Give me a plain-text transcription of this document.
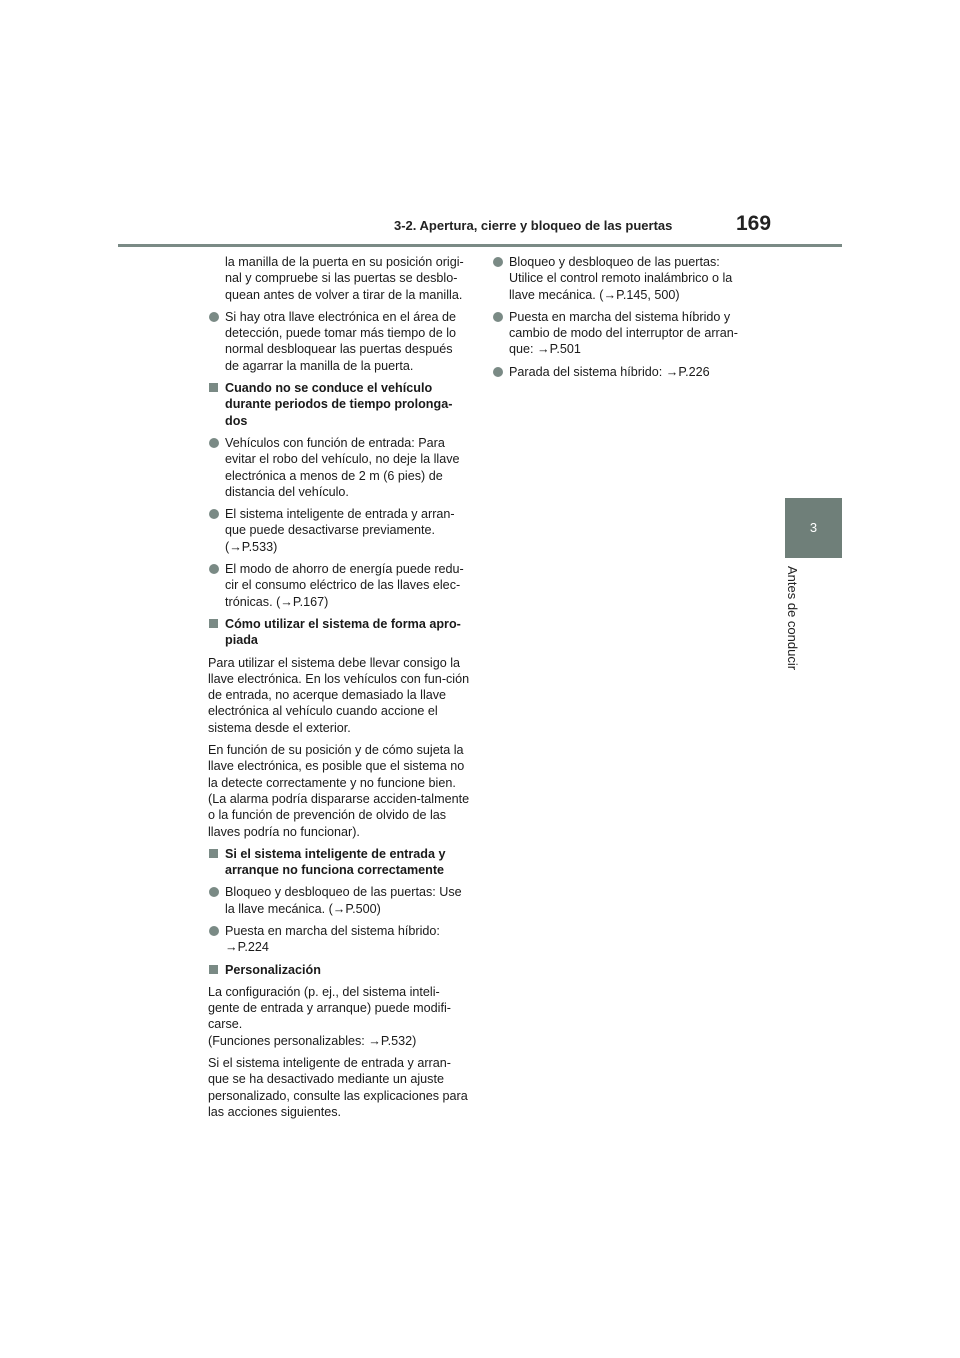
3-2. Apertura, cierre y bloqueo de las puertas	169
3
Antes de conducir

la manilla de la puerta en su posición origi-nal y compruebe si las puertas se desblo-quean antes de volver a tirar de la manilla.

Si hay otra llave electrónica en el área de detección, puede tomar más tiempo de lo normal desbloquear las puertas después de agarrar la manilla de la puerta.

Cuando no se conduce el vehículo durante periodos de tiempo prolonga-dos

Vehículos con función de entrada: Para evitar el robo del vehículo, no deje la llave electrónica a menos de 2 m (6 pies) de distancia del vehículo.

El sistema inteligente de entrada y arran-que puede desactivarse previamente. (→P.533)

El modo de ahorro de energía puede redu-cir el consumo eléctrico de las llaves elec-trónicas. (→P.167)

Cómo utilizar el sistema de forma apro-piada

Para utilizar el sistema debe llevar consigo la llave electrónica. En los vehículos con fun-ción de entrada, no acerque demasiado la llave electrónica al vehículo cuando accione el sistema desde el exterior.

En función de su posición y de cómo sujeta la llave electrónica, es posible que el sistema no la detecte correctamente y no funcione bien. (La alarma podría dispararse acciden-talmente o la función de prevención de olvido de las llaves podría no funcionar).

Si el sistema inteligente de entrada y arranque no funciona correctamente

Bloqueo y desbloqueo de las puertas: Use la llave mecánica. (→P.500)

Puesta en marcha del sistema híbrido: →P.224

Personalización

La configuración (p. ej., del sistema inteli-gente de entrada y arranque) puede modifi-carse.

(Funciones personalizables: →P.532)

Si el sistema inteligente de entrada y arran-que se ha desactivado mediante un ajuste personalizado, consulte las explicaciones para las acciones siguientes.

Bloqueo y desbloqueo de las puertas: Utilice el control remoto inalámbrico o la llave mecánica. (→P.145, 500)

Puesta en marcha del sistema híbrido y cambio de modo del interruptor de arran-que: →P.501

Parada del sistema híbrido: →P.226
